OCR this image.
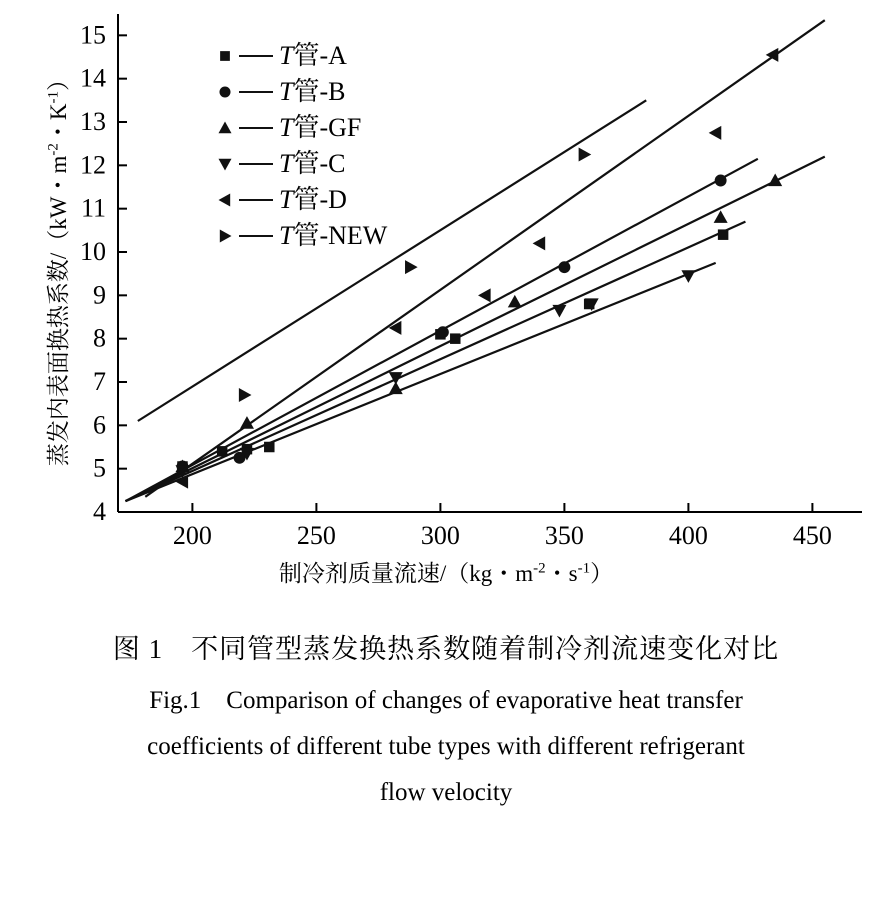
蒸发内表面换热系数/（kW・$m^{-2}$・$K^{-1}$）
制冷剂质量流速/（kg・$m^{-2}$・$s^{-1}$）
4
5
6
7
8
9
10
11
12
13
14
15
200	250	300	350	400	450
T管-A
T管-B
T管-GF
T管-C
T管-D
T管-NEW
图 1　不同管型蒸发换热系数随着制冷剂流速变化对比
Fig.1　Comparison of changes of evaporative heat transfer
coefficients of different tube types with different refrigerant
flow velocity
